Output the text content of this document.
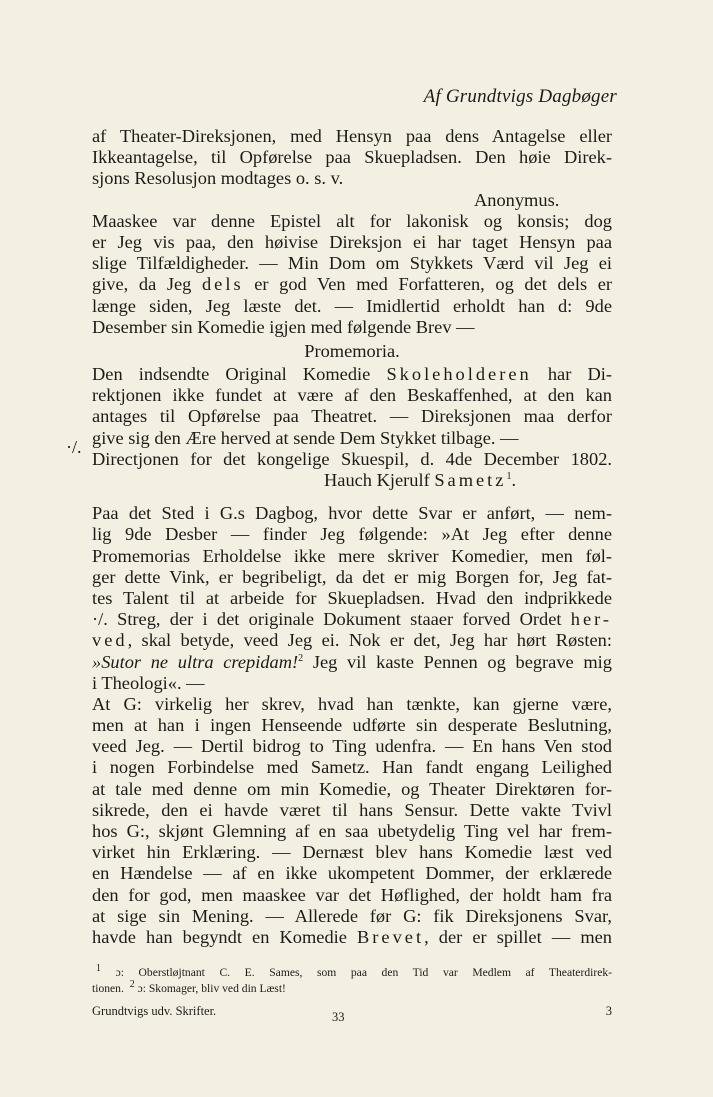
Af Grundtvigs Dagbøger
af Theater-Direksjonen, med Hensyn paa dens Antagelse eller
Ikkeantagelse, til Opførelse paa Skuepladsen. Den høie Direk-
sjons Resolusjon modtages o. s. v.
Anonymus.
Maaskee var denne Epistel alt for lakonisk og konsis; dog
er Jeg vis paa, den høivise Direksjon ei har taget Hensyn paa
slige Tilfældigheder. — Min Dom om Stykkets Værd vil Jeg ei
give, da Jeg dels er god Ven med Forfatteren, og det dels er
længe siden, Jeg læste det. — Imidlertid erholdt han d: 9de
Desember sin Komedie igjen med følgende Brev —
Promemoria.
Den indsendte Original Komedie Skoleholderen har Di-
rektjonen ikke fundet at være af den Beskaffenhed, at den kan
antages til Opførelse paa Theatret. — Direksjonen maa derfor
give sig den Ære herved at sende Dem Stykket tilbage. —
Directjonen for det kongelige Skuespil, d. 4de December 1802.
Hauch Kjerulf Sametz$^1$.
Paa det Sted i G.s Dagbog, hvor dette Svar er anført, — nem-
lig 9de Desber — finder Jeg følgende: »At Jeg efter denne
Promemorias Erholdelse ikke mere skriver Komedier, men føl-
ger dette Vink, er begribeligt, da det er mig Borgen for, Jeg fat-
tes Talent til at arbeide for Skuepladsen. Hvad den indprikkede
·/. Streg, der i det originale Dokument staaer forved Ordet her-
ved, skal betyde, veed Jeg ei. Nok er det, Jeg har hørt Røsten:
»Sutor ne ultra crepidam!$^2$ Jeg vil kaste Pennen og begrave mig
i Theologi«. —
At G: virkelig her skrev, hvad han tænkte, kan gjerne være,
men at han i ingen Henseende udførte sin desperate Beslutning,
veed Jeg. — Dertil bidrog to Ting udenfra. — En hans Ven stod
i nogen Forbindelse med Sametz. Han fandt engang Leilighed
at tale med denne om min Komedie, og Theater Direktøren for-
sikrede, den ei havde været til hans Sensur. Dette vakte Tvivl
hos G:, skjønt Glemning af en saa ubetydelig Ting vel har frem-
virket hin Erklæring. — Dernæst blev hans Komedie læst ved
en Hændelse — af en ikke ukompetent Dommer, der erklærede
den for god, men maaskee var det Høflighed, der holdt ham fra
at sige sin Mening. — Allerede før G: fik Direksjonens Svar,
havde han begyndt en Komedie Brevet, der er spillet — men
·/.
$^1$ ɔ: Oberstløjtnant C. E. Sames, som paa den Tid var Medlem af Theaterdirek-
tionen. $^2$ ɔ: Skomager, bliv ved din Læst!
Grundtvigs udv. Skrifter.	33	3
